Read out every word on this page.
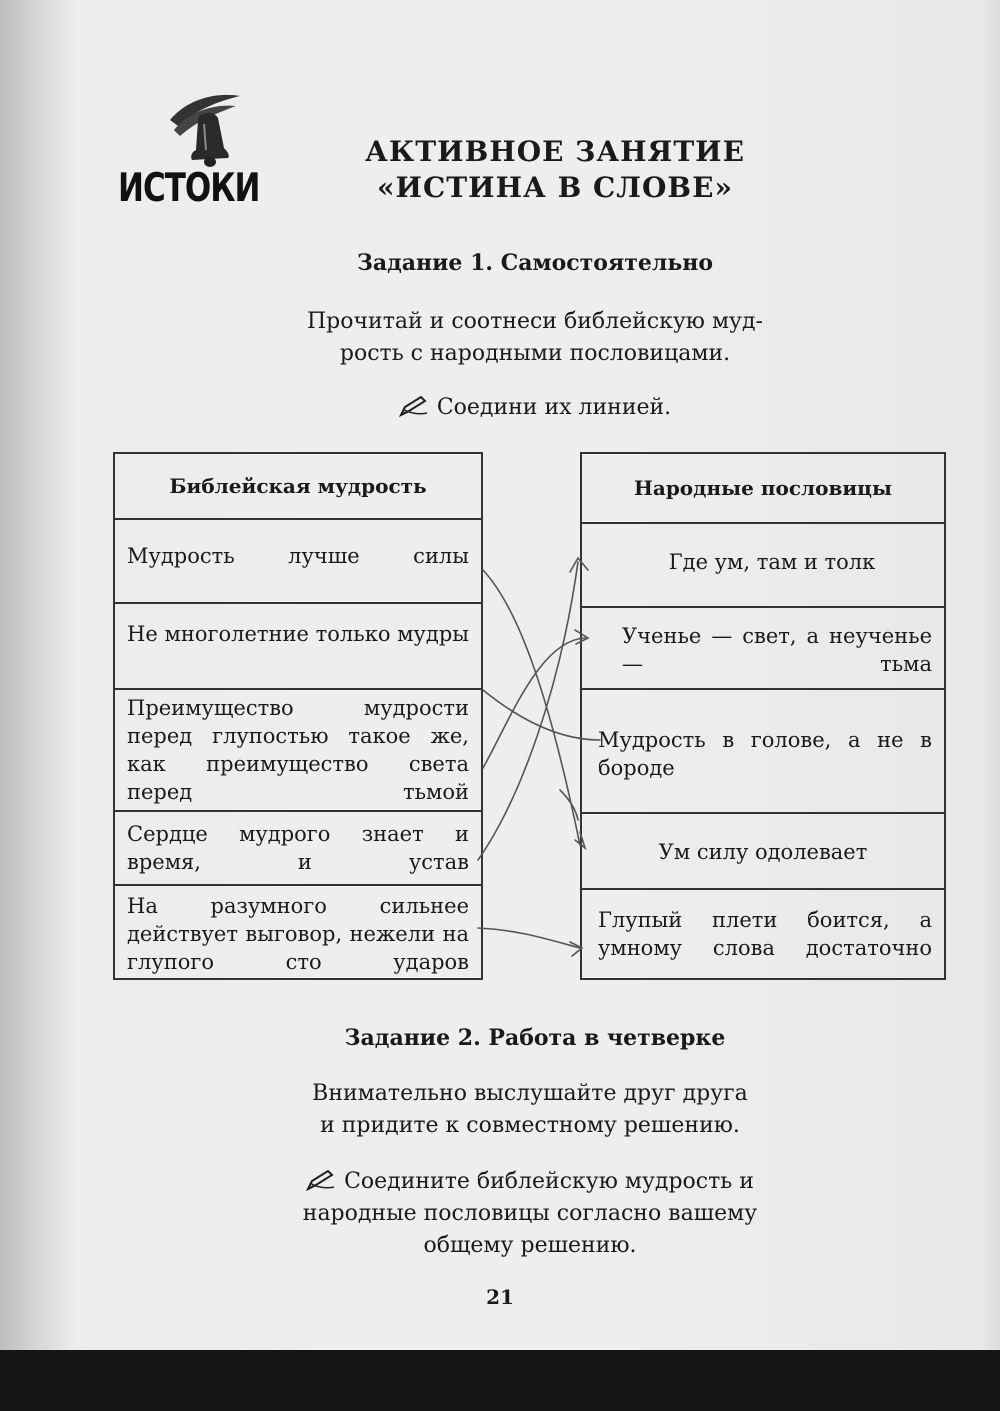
ИСТОКИ
АКТИВНОЕ ЗАНЯТИЕ
«ИСТИНА В СЛОВЕ»
Задание 1. Самостоятельно
Прочитай и соотнеси библейскую муд-
рость с народными пословицами.
Соедини их линией.
Библейская мудрость
Мудрость лучше силы
Не многолетние только мудры
Преимущество мудрости перед глупостью такое же, как преимущество света перед тьмой
Сердце мудрого знает и время, и устав
На разумного сильнее действует выговор, нежели на глупого сто ударов
Народные пословицы
Где ум, там и толк
Ученье — свет, а неученье — тьма
Мудрость в голове, а не в бороде
Ум силу одолевает
Глупый плети боится, а умному слова достаточно
Задание 2. Работа в четверке
Внимательно выслушайте друг друга
и придите к совместному решению.
Соедините библейскую мудрость и
народные пословицы согласно вашему
общему решению.
21
